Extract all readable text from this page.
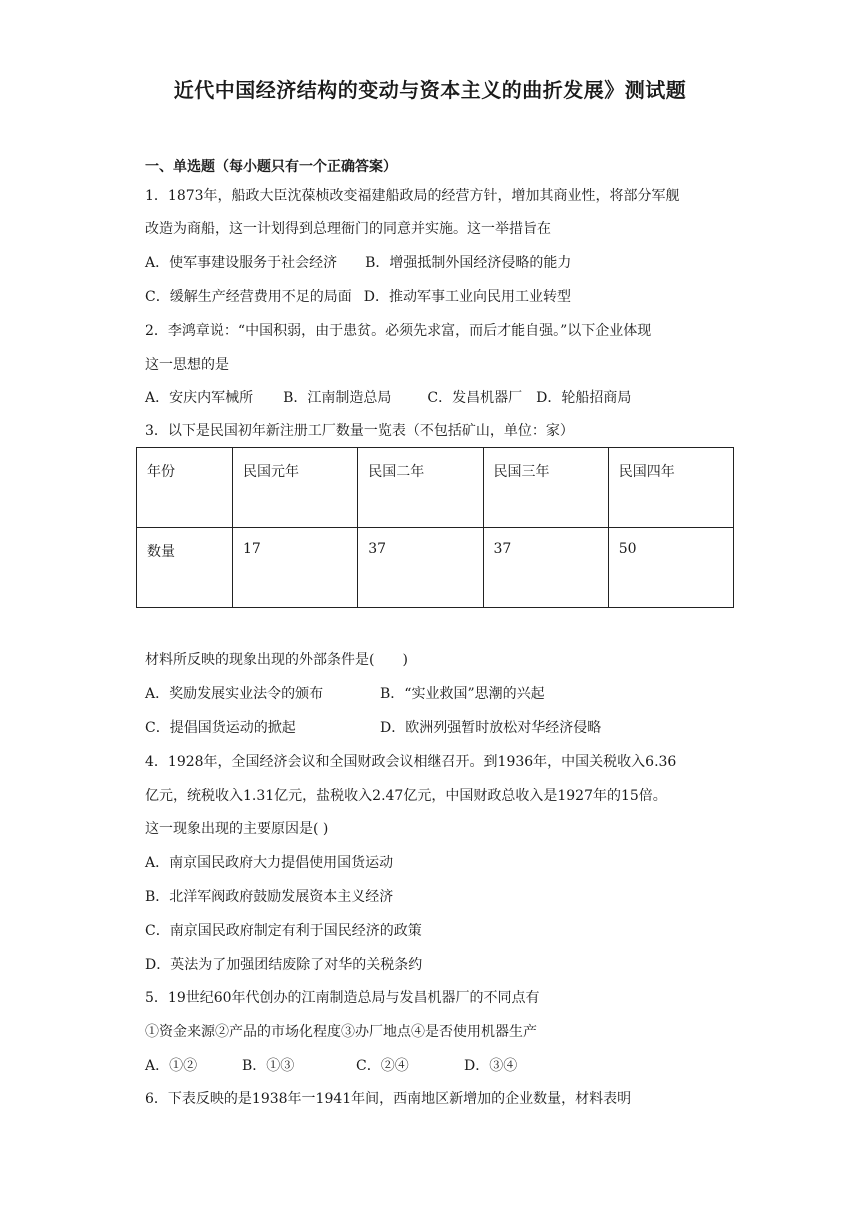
近代中国经济结构的变动与资本主义的曲折发展》测试题
一、单选题（每小题只有一个正确答案）
1．1873年，船政大臣沈葆桢改变福建船政局的经营方针，增加其商业性，将部分军舰
改造为商船，这一计划得到总理衙门的同意并实施。这一举措旨在
A．使军事建设服务于社会经济 B．增强抵制外国经济侵略的能力
C．缓解生产经营费用不足的局面 D．推动军事工业向民用工业转型
2．李鸿章说：“中国积弱，由于患贫。必须先求富，而后才能自强。”以下企业体现
这一思想的是
A．安庆内军械所 B．江南制造总局	C．发昌机器厂 D．轮船招商局
3．以下是民国初年新注册工厂数量一览表（不包括矿山，单位：家）
年份	民国元年	民国二年	民国三年	民国四年
数量	17	37	37	50
材料所反映的现象出现的外部条件是(　　)
A．奖励发展实业法令的颁布	B．“实业救国”思潮的兴起
C．提倡国货运动的掀起	D．欧洲列强暂时放松对华经济侵略
4．1928年，全国经济会议和全国财政会议相继召开。到1936年，中国关税收入6.36
亿元，统税收入1.31亿元，盐税收入2.47亿元，中国财政总收入是1927年的15倍。
这一现象出现的主要原因是( )
A．南京国民政府大力提倡使用国货运动
B．北洋军阀政府鼓励发展资本主义经济
C．南京国民政府制定有利于国民经济的政策
D．英法为了加强团结废除了对华的关税条约
5．19世纪60年代创办的江南制造总局与发昌机器厂的不同点有
①资金来源②产品的市场化程度③办厂地点④是否使用机器生产
A．①②	B．①③	C．②④	D．③④
6．下表反映的是1938年一1941年间，西南地区新增加的企业数量，材料表明
